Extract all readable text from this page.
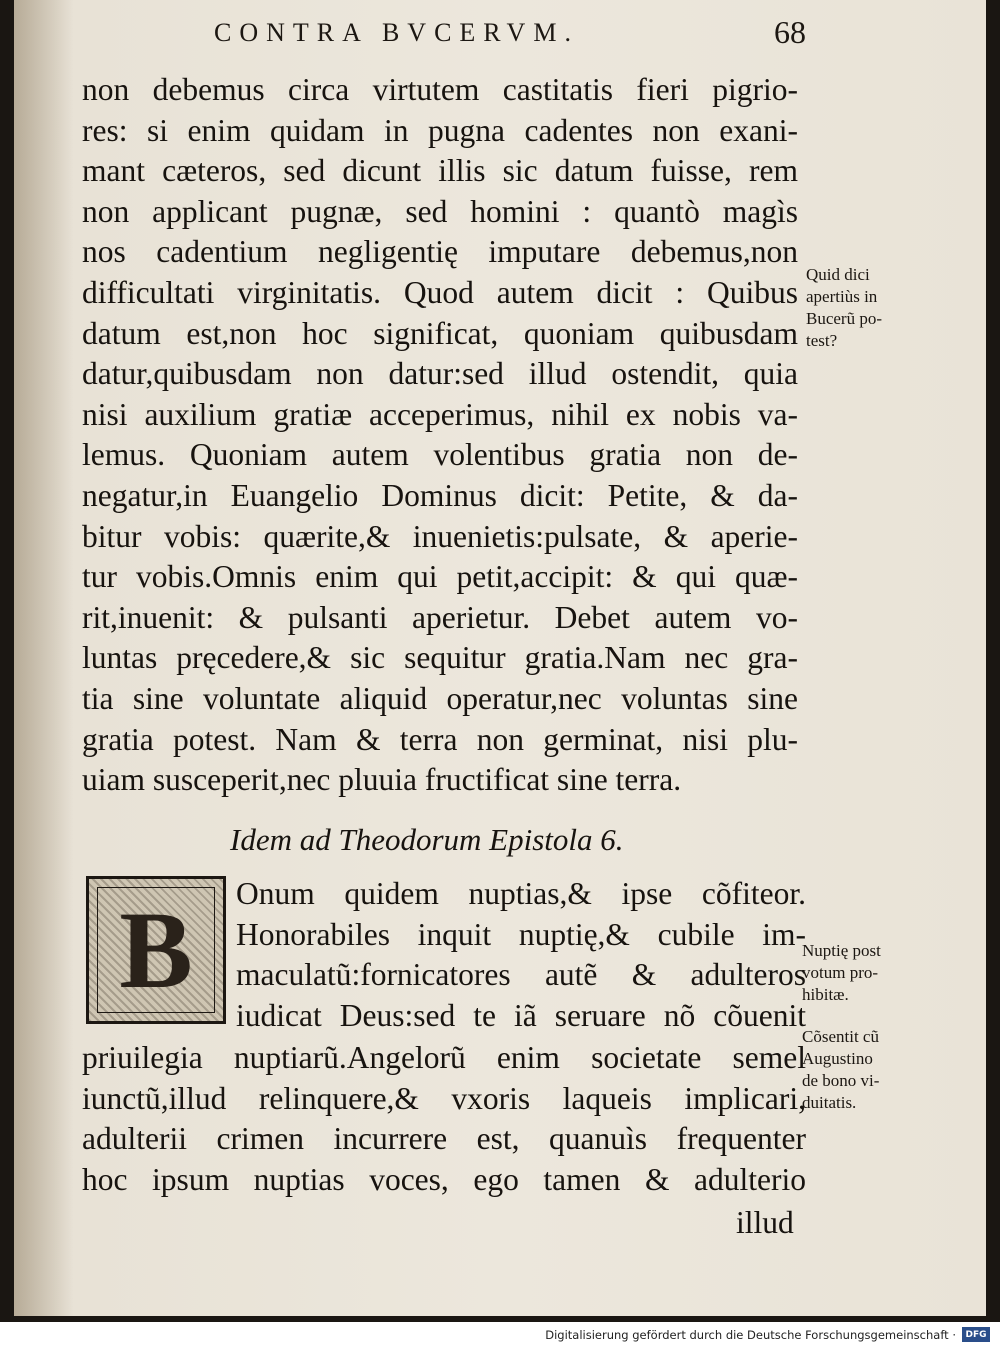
CONTRA BVCERVM.	68
non debemus circa virtutem castitatis fieri pigrio-
res: si enim quidam in pugna cadentes non exani-
mant cæteros, sed dicunt illis sic datum fuisse, rem
non applicant pugnæ, sed homini : quantò magìs
nos cadentium negligentię imputare debemus,non
difficultati virginitatis. Quod autem dicit : Quibus
datum est,non hoc significat, quoniam quibusdam
datur,quibusdam non datur:sed illud ostendit, quia
nisi auxilium gratiæ acceperimus, nihil ex nobis va-
lemus. Quoniam autem volentibus gratia non de-
negatur,in Euangelio Dominus dicit: Petite, & da-
bitur vobis: quærite,& inuenietis:pulsate, & aperie-
tur vobis.Omnis enim qui petit,accipit: & qui quæ-
rit,inuenit: & pulsanti aperietur. Debet autem vo-
luntas pręcedere,& sic sequitur gratia.Nam nec gra-
tia sine voluntate aliquid operatur,nec voluntas sine
gratia potest. Nam & terra non germinat, nisi plu-
uiam susceperit,nec pluuia fructificat sine terra.
Quid dici
apertiùs in
Bucerũ po-
test?
Idem ad Theodorum Epistola 6.
B	Onum quidem nuptias,& ipse cõfiteor.
Honorabiles inquit nuptię,& cubile im-
maculatũ:fornicatores autẽ & adulteros
iudicat Deus:sed te iã seruare nõ cõuenit
priuilegia nuptiarũ.Angelorũ enim societate semel
iunctũ,illud relinquere,& vxoris laqueis implicari,
adulterii crimen incurrere est, quanuìs frequenter
hoc ipsum nuptias voces, ego tamen & adulterio
illud
Nuptię post
votum pro-
hibitæ.
Cõsentit cũ
Augustino
de bono vi-
duitatis.
Digitalisierung gefördert durch die Deutsche Forschungsgemeinschaft ·	DFG
